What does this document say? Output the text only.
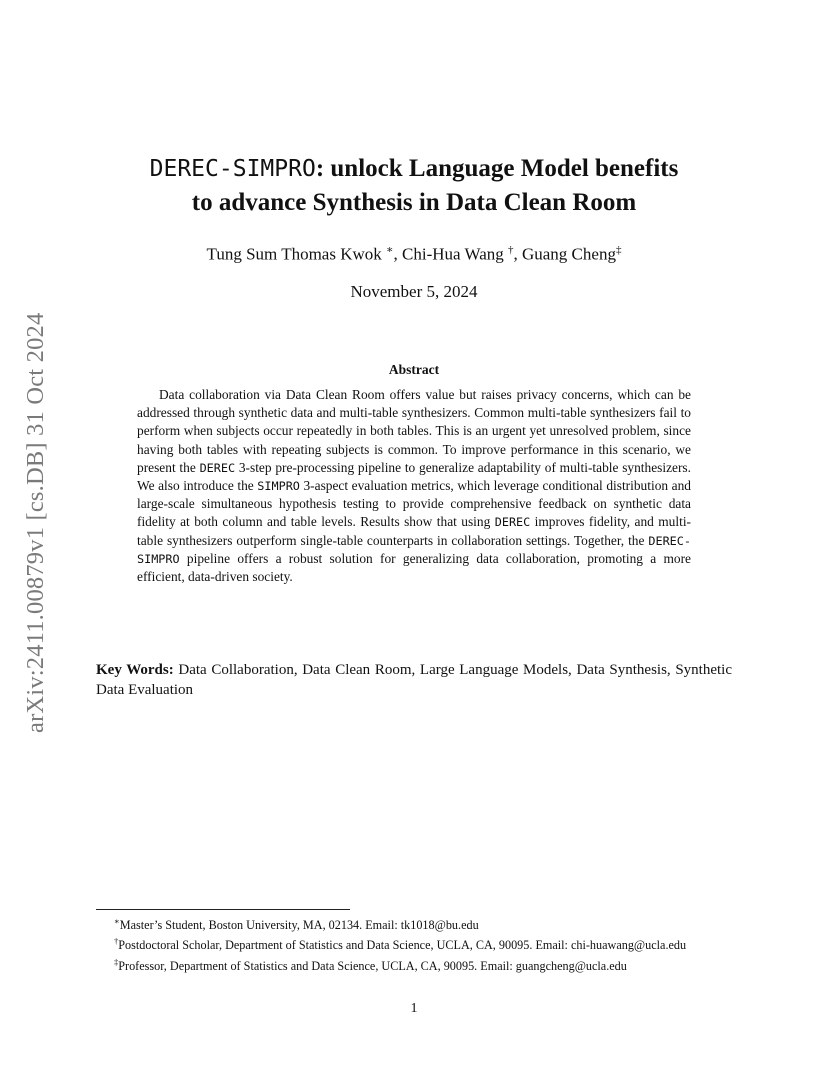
arXiv:2411.00879v1 [cs.DB] 31 Oct 2024
DEREC-SIMPRO: unlock Language Model benefits
to advance Synthesis in Data Clean Room
Tung Sum Thomas Kwok ∗, Chi-Hua Wang †, Guang Cheng‡
November 5, 2024
Abstract

Data collaboration via Data Clean Room offers value but raises privacy concerns, which can be addressed through synthetic data and multi-table synthesizers. Common multi-table synthesizers fail to perform when subjects occur repeatedly in both tables. This is an urgent yet unresolved problem, since having both tables with repeating subjects is common. To improve performance in this scenario, we present the DEREC 3-step pre-processing pipeline to generalize adaptability of multi-table synthesizers. We also introduce the SIMPRO 3-aspect evaluation metrics, which leverage conditional distribution and large-scale simultaneous hypothesis testing to provide comprehensive feedback on synthetic data fidelity at both column and table levels. Results show that using DEREC improves fidelity, and multi-table synthesizers outperform single-table counterparts in collaboration settings. Together, the DEREC-SIMPRO pipeline offers a robust solution for generalizing data collaboration, promoting a more efficient, data-driven society.

Key Words: Data Collaboration, Data Clean Room, Large Language Models, Data Synthesis, Synthetic Data Evaluation

∗Master’s Student, Boston University, MA, 02134. Email: tk1018@bu.edu

†Postdoctoral Scholar, Department of Statistics and Data Science, UCLA, CA, 90095. Email: chi-huawang@ucla.edu

‡Professor, Department of Statistics and Data Science, UCLA, CA, 90095. Email: guangcheng@ucla.edu

1
